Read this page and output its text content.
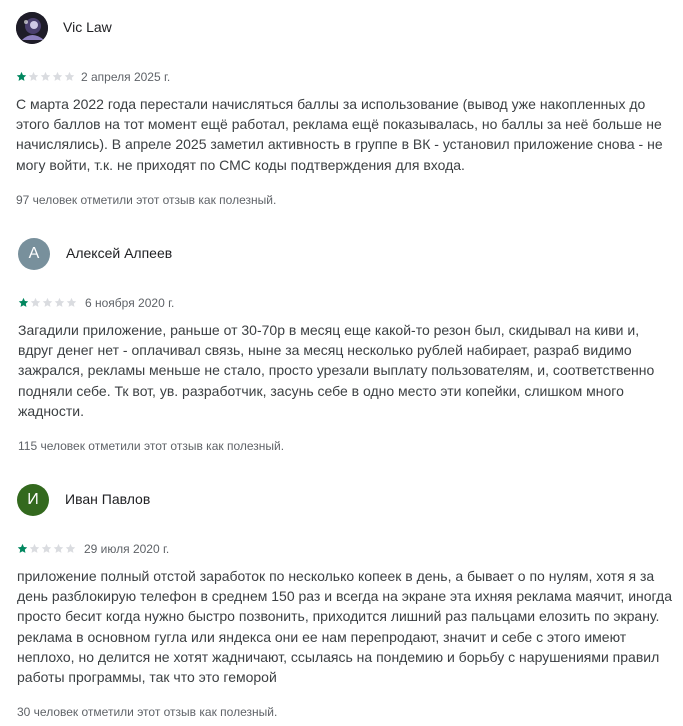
Vic Law
2 апреля 2025 г.
С марта 2022 года перестали начисляться баллы за использование (вывод уже накопленных до этого баллов на тот момент ещё работал, реклама ещё показывалась, но баллы за неё больше не начислялись). В апреле 2025 заметил активность в группе в ВК - установил приложение снова - не могу войти, т.к. не приходят по СМС коды подтверждения для входа.
97 человек отметили этот отзыв как полезный.
A Алексей Алпеев
6 ноября 2020 г.
Загадили приложение, раньше от 30-70р в месяц еще какой-то резон был, скидывал на киви и, вдруг денег нет - оплачивал связь, ныне за месяц несколько рублей набирает, разраб видимо зажрался, рекламы меньше не стало, просто урезали выплату пользователям, и, соответственно подняли себе. Тк вот, ув. разработчик, засунь себе в одно место эти копейки, слишком много жадности.
115 человек отметили этот отзыв как полезный.
И Иван Павлов
29 июля 2020 г.
приложение полный отстой заработок по несколько копеек в день, а бывает о по нулям, хотя я за день разблокирую телефон в среднем 150 раз и всегда на экране эта ихняя реклама маячит, иногда просто бесит когда нужно быстро позвонить, приходится лишний раз пальцами елозить по экрану. реклама в основном гугла или яндекса они ее нам перепродают, значит и себе с этого имеют неплохо, но делится не хотят жадничают, ссылаясь на пондемию и борьбу с нарушениями правил работы программы, так что это геморой
30 человек отметили этот отзыв как полезный.
